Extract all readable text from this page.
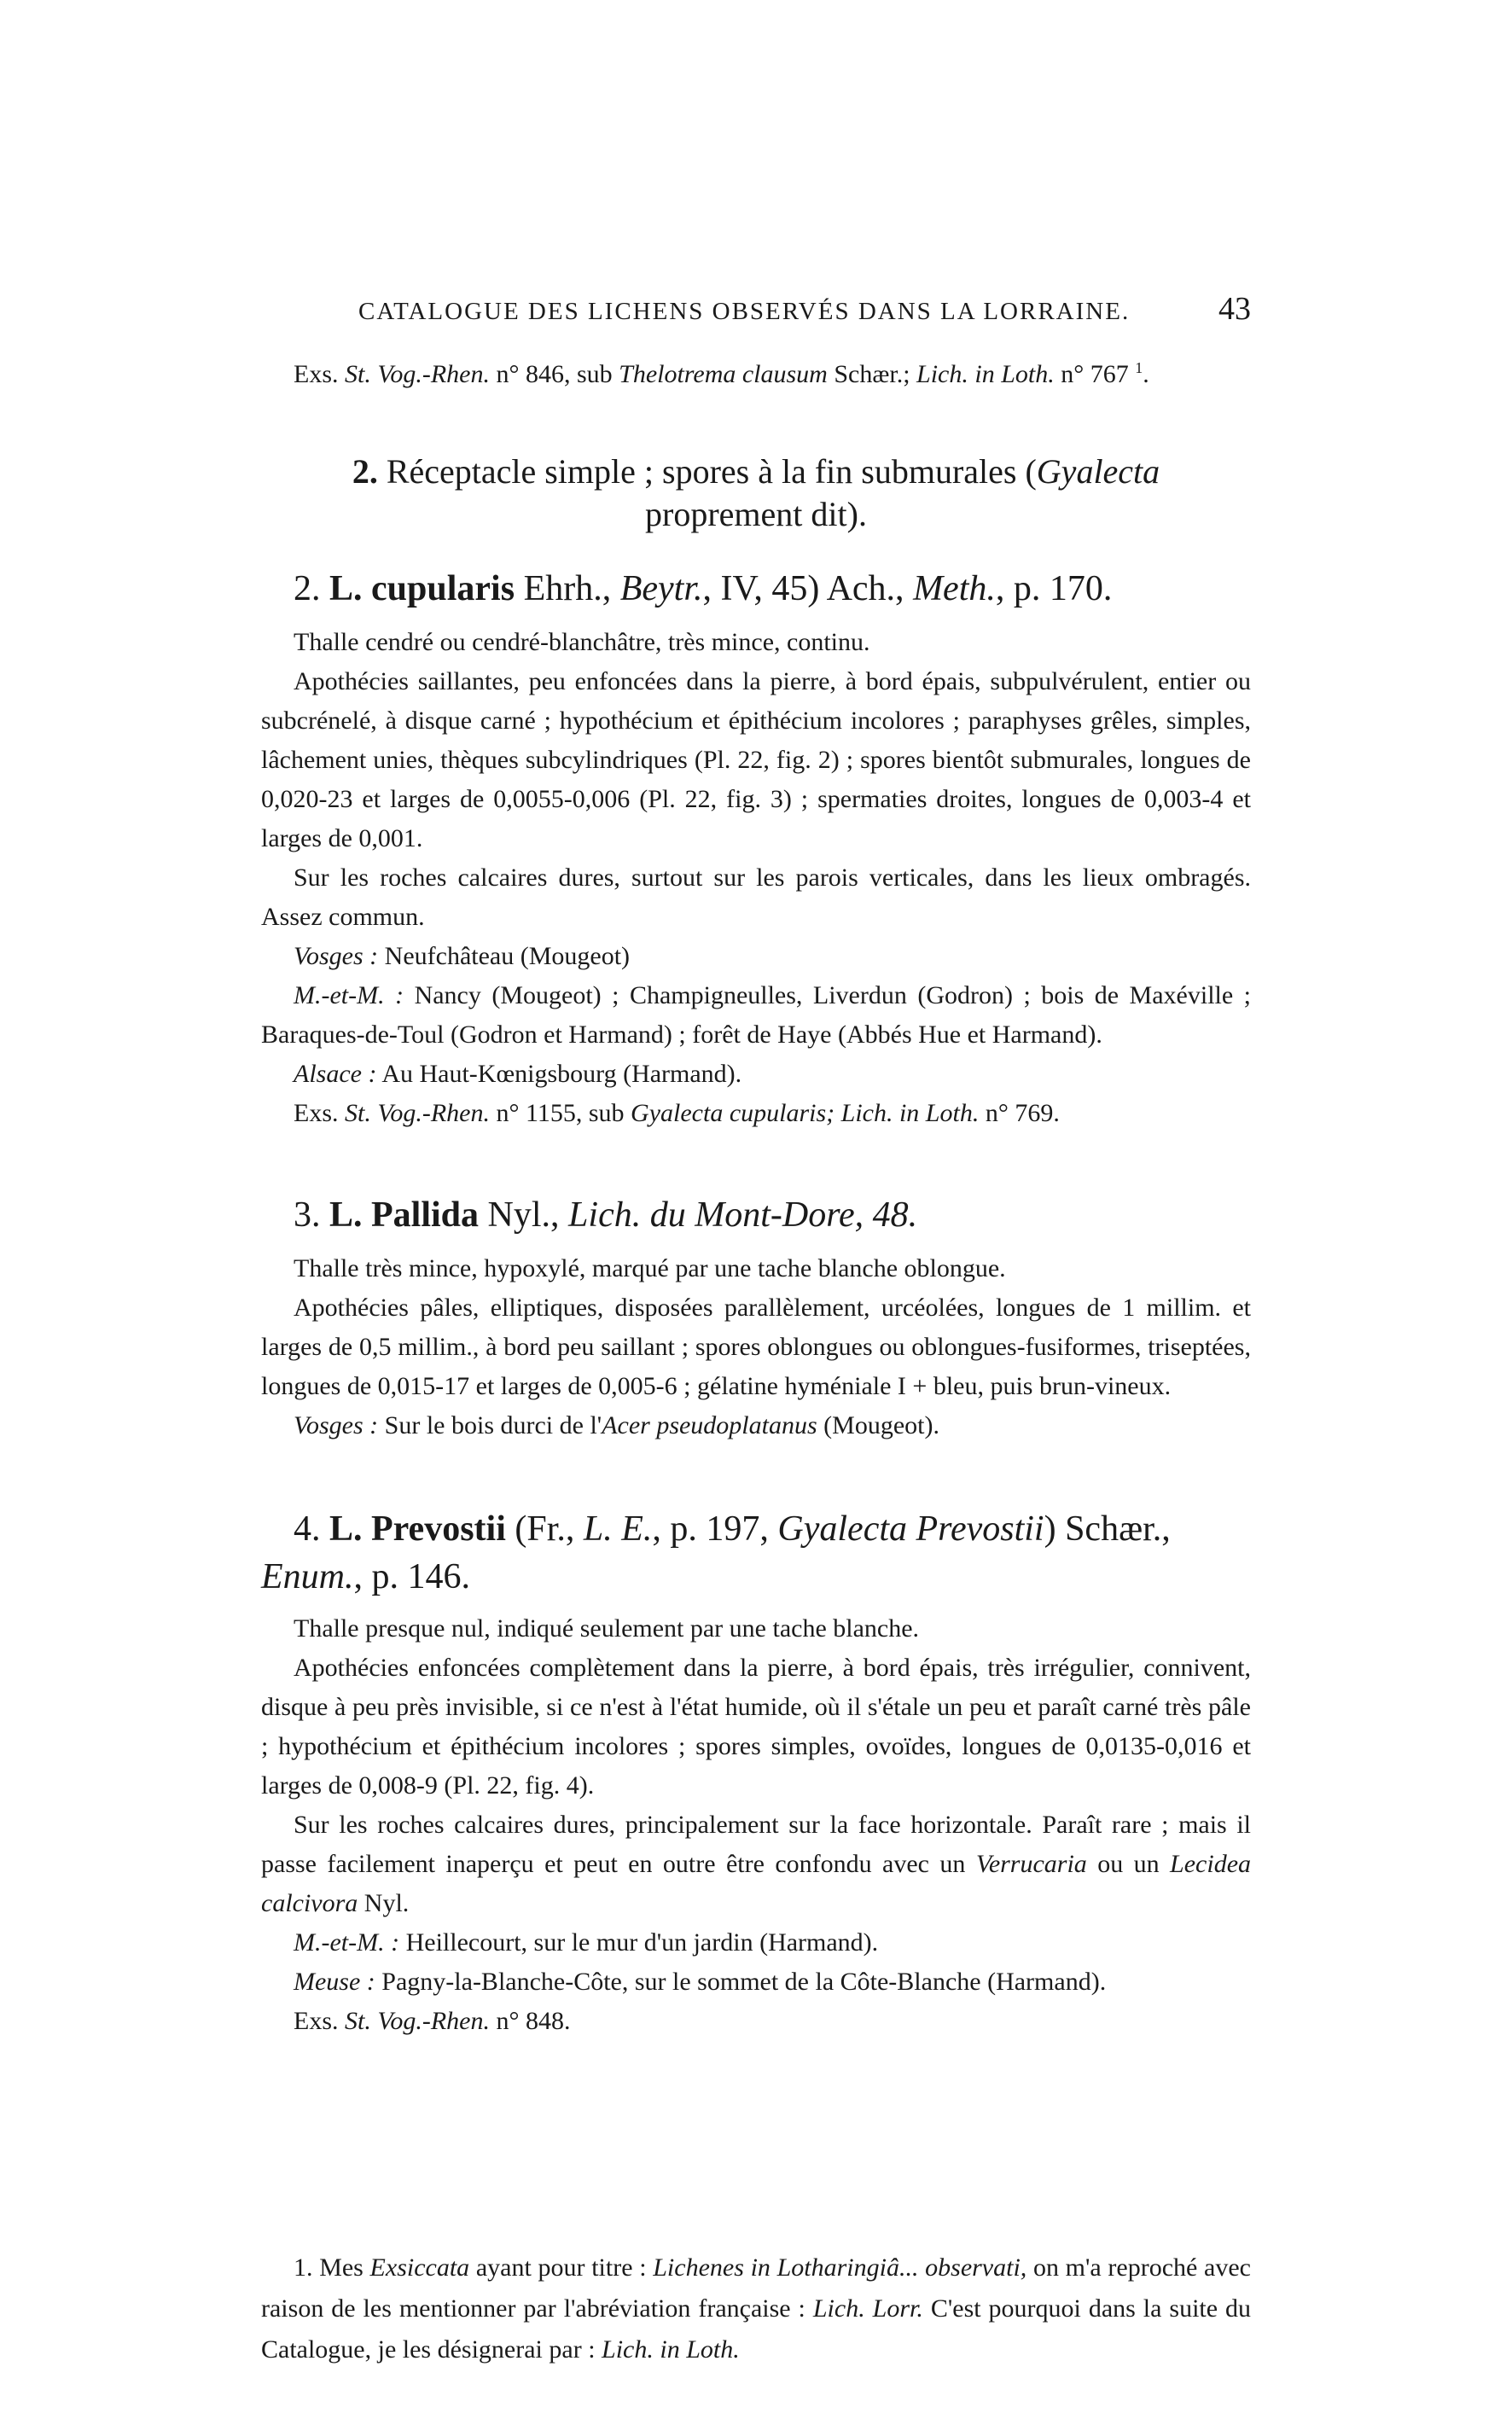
CATALOGUE DES LICHENS OBSERVÉS DANS LA LORRAINE.	43

Exs. St. Vog.-Rhen. n° 846, sub Thelotrema clausum Schær.; Lich. in Loth. n° 767 $^1$.

2. Réceptacle simple ; spores à la fin submurales (Gyalecta
proprement dit).
2. L. cupularis Ehrh., Beytr., IV, 45) Ach., Meth., p. 170.

Thalle cendré ou cendré-blanchâtre, très mince, continu.

Apothécies saillantes, peu enfoncées dans la pierre, à bord épais, subpulvérulent, entier ou subcrénelé, à disque carné ; hypothécium et épithécium incolores ; paraphyses grêles, simples, lâchement unies, thèques subcylindriques (Pl. 22, fig. 2) ; spores bientôt submurales, longues de 0,020-23 et larges de 0,0055-0,006 (Pl. 22, fig. 3) ; spermaties droites, longues de 0,003-4 et larges de 0,001.

Sur les roches calcaires dures, surtout sur les parois verticales, dans les lieux ombragés. Assez commun.

Vosges : Neufchâteau (Mougeot)

M.-et-M. : Nancy (Mougeot) ; Champigneulles, Liverdun (Godron) ; bois de Maxéville ; Baraques-de-Toul (Godron et Harmand) ; forêt de Haye (Abbés Hue et Harmand).

Alsace : Au Haut-Kœnigsbourg (Harmand).

Exs. St. Vog.-Rhen. n° 1155, sub Gyalecta cupularis; Lich. in Loth. n° 769.

3. L. Pallida Nyl., Lich. du Mont-Dore, 48.

Thalle très mince, hypoxylé, marqué par une tache blanche oblongue.

Apothécies pâles, elliptiques, disposées parallèlement, urcéolées, longues de 1 millim. et larges de 0,5 millim., à bord peu saillant ; spores oblongues ou oblongues-fusiformes, triseptées, longues de 0,015-17 et larges de 0,005-6 ; gélatine hyméniale I + bleu, puis brun-vineux.

Vosges : Sur le bois durci de l'Acer pseudoplatanus (Mougeot).

4. L. Prevostii (Fr., L. E., p. 197, Gyalecta Prevostii) Schær.,
Enum., p. 146.

Thalle presque nul, indiqué seulement par une tache blanche.

Apothécies enfoncées complètement dans la pierre, à bord épais, très irrégulier, connivent, disque à peu près invisible, si ce n'est à l'état humide, où il s'étale un peu et paraît carné très pâle ; hypothécium et épithécium incolores ; spores simples, ovoïdes, longues de 0,0135-0,016 et larges de 0,008-9 (Pl. 22, fig. 4).

Sur les roches calcaires dures, principalement sur la face horizontale. Paraît rare ; mais il passe facilement inaperçu et peut en outre être confondu avec un Verrucaria ou un Lecidea calcivora Nyl.

M.-et-M. : Heillecourt, sur le mur d'un jardin (Harmand).

Meuse : Pagny-la-Blanche-Côte, sur le sommet de la Côte-Blanche (Harmand).

Exs. St. Vog.-Rhen. n° 848.

1. Mes Exsiccata ayant pour titre : Lichenes in Lotharingiâ... observati, on m'a reproché avec raison de les mentionner par l'abréviation française : Lich. Lorr. C'est pourquoi dans la suite du Catalogue, je les désignerai par : Lich. in Loth.
